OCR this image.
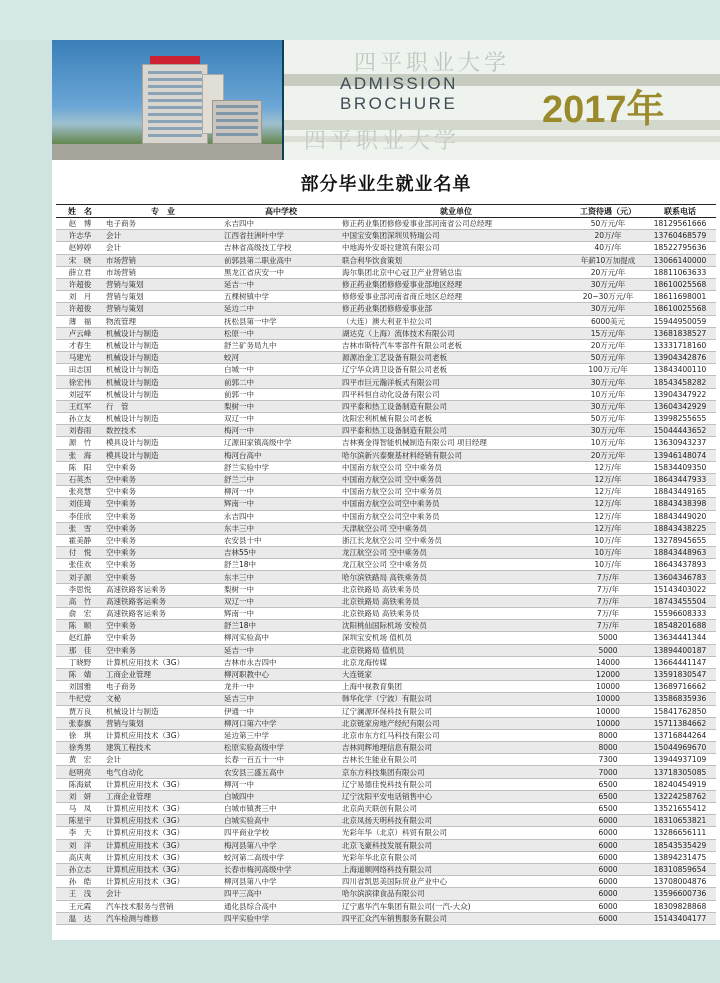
四平职业大学
四平职业大学
ADMISSION
BROCHURE 2017年
部分毕业生就业名单
姓　名	专　业	高中学校	就业单位	工资待遇（元）	联系电话
赵　博	电子商务	永吉四中	修正药业集团修修爱事业部河南省公司总经理	50万元/年	18129561666
许志华	会计	江西省拄洲叶中学	中国宝安集团深圳贝特瑞公司	20万/年	13760468579
赵婷婷	会计	吉林省高级技工学校	中地海外安哥拉建筑有限公司	40万/年	18522795636
宋　晓	市场营销	前郭县第二职业高中	联合利华饮食策划	年薪10万加提成	13066140000
薛立君	市场营销	黑龙江省庆安一中	海尔集团北京中心冠卫产业营销总监	20万元/年	18811063633
许超俊	营销与策划	延吉一中	修正药业集团修修爱事业部地区经理	30万元/年	18610025568
刘　月	营销与策划	五棵树镇中学	修修爱事业部河南省商丘地区总经理	20~30万元/年	18611698001
许超俊	营销与策划	延边二中	修正药业集团修修爱事业部	30万元/年	18610025568
薄　福	物流管理	抚松县第一中学	（大连）澳大利亚半拉公司	6000美元	15944950059
卢云峰	机械设计与制造	松原一中	湖达克（上海）流体技术有限公司	15万元/年	13681838527
才春生	机械设计与制造	舒兰矿务局九中	吉林市斯特汽车零部件有限公司老板	20万元/年	13331718160
马建光	机械设计与制造	蛟河	源源冶金工艺设备有限公司老板	50万元/年	13904342876
田志国	机械设计与制造	白城一中	辽宁华众鸿卫设备有限公司老板	100万元/年	13843400110
徐宏伟	机械设计与制造	前郭二中	四平市巨元瀚洋板式有限公司	30万元/年	18543458282
刘冠军	机械设计与制造	前郭一中	四平科恒自动化设备有限公司	10万元/年	13904347922
王红军	行　管	梨树一中	四平泰和热工设备制造有限公司	30万元/年	13604342929
孙立友	机械设计与制造	双辽一中	沈阳宏利机械有限公司老板	50万元/年	13998255655
刘春雨	数控技术	梅河一中	四平泰和热工设备制造有限公司	30万元/年	15044443652
源　竹	模具设计与制造	辽源田家镇高级中学	吉林赛金得智能机械制造有限公司 项目经理	10万元/年	13630943237
张　海	模具设计与制造	梅河台高中	哈尔滨新兴泰聚基材料经销有限公司	20万元/年	13946148074
陈　阳	空中乘务	舒兰实验中学	中国南方航空公司 空中乘务员	12万/年	15834409350
石英杰	空中乘务	舒兰二中	中国南方航空公司 空中乘务员	12万/年	18643447933
张亮慧	空中乘务	柳河一中	中国南方航空公司 空中乘务员	12万/年	18843449165
刘佳琦	空中乘务	辉南一中	中国南方航空公司空中乘务员	12万/年	18843438398
李佳欣	空中乘务	永吉四中	中国南方航空公司空中乘务员	12万/年	18843449020
张　雪	空中乘务	东丰三中	天津航空公司 空中乘务员	12万/年	18843438225
霍美静	空中乘务	农安县十中	浙江长龙航空公司 空中乘务员	10万/年	13278945655
付　悦	空中乘务	吉林55中	龙江航空公司 空中乘务员	10万/年	18843448963
张佳欢	空中乘务	舒兰18中	龙江航空公司 空中乘务员	10万/年	18643437893
刘子源	空中乘务	东丰三中	哈尔滨铁路局 高铁乘务员	7万/年	13604346783
李思悦	高速铁路客运乘务	梨树一中	北京铁路局 高铁乘务员	7万/年	15143403022
高　竹	高速铁路客运乘务	双辽一中	北京铁路局 高铁乘务员	7万/年	18743455504
俞　宏	高速铁路客运乘务	辉南一中	北京铁路局 高铁乘务员	7万/年	15596608333
陈　顺	空中乘务	舒兰18中	沈阳桃仙国际机场 安检员	7万/年	18548201688
赵红静	空中乘务	柳河实验高中	深圳宝安机场 值机员	5000	13634441344
那　佳	空中乘务	延吉一中	北京铁路局 值机员	5000	13894400187
丁晓野	计算机应用技术（3G）	吉林市永吉四中	北京龙海传媒	14000	13664441147
陈　婧	工商企业管理	柳河职教中心	大连链家	12000	13591830547
刘国雅	电子商务	龙井一中	上海中视教育集团	10000	13689716662
牛纪党	文秘	延吉三中	韩华化学（宁波）有限公司	10000	13586835936
贾万良	机械设计与制造	伊通一中	辽宁澜源环保科技有限公司	10000	15841762850
张泰旗	营销与策划	柳河口第六中学	北京链家房地产经纪有限公司	10000	15711384662
徐　琪	计算机应用技术（3G）	延边第三中学	北京市东方红马科技有限公司	8000	13716844264
徐秀男	建筑工程技术	松原实验高级中学	吉林同辉地理信息有限公司	8000	15044969670
黄　宏	会计	长春一百五十一中	吉林长生能业有限公司	7300	13944937109
赵明亮	电气自动化	农安县三盛五高中	京东方科技集团有限公司	7000	13718305085
陈海斌	计算机应用技术（3G）	柳河一中	辽宁易德佳悦科技有限公司	6500	18240454919
刘　妍	工商企业管理	白城四中	辽宁沈阳平安电话销售中心	6500	13224258762
马　凤	计算机应用技术（3G）	白城市镇赉三中	北京尚天联创有限公司	6500	13521655412
陈星宇	计算机应用技术（3G）	白城实验高中	北京凤扬天明科技有限公司	6000	18310653821
李　天	计算机应用技术（3G）	四平商业学校	光彩年华（北京）科贸有限公司	6000	13286656111
刘　洋	计算机应用技术（3G）	梅河县第八中学	北京飞豪科技发展有限公司	6000	18543535429
高庆爽	计算机应用技术（3G）	蛟河第二高级中学	光彩年华北京有限公司	6000	13894231475
孙立志	计算机应用技术（3G）	长春市梅河高级中学	上海道顺网络科技有限公司	6000	18310859654
孙　皓	计算机应用技术（3G）	柳河县第八中学	四川省凯思美国际贸业产业中心	6000	13708004876
王　浅	会计	四平三高中	哈尔滨滨律食品有限公司	6000	13596600736
王元霞	汽车技术服务与营销	通化县综合高中	辽宁惠华汽车集团有限公司(一汽-大众)	6000	18309828868
温　达	汽车检测与维修	四平实验中学	四平汇众汽车销售服务有限公司	6000	15143404177
